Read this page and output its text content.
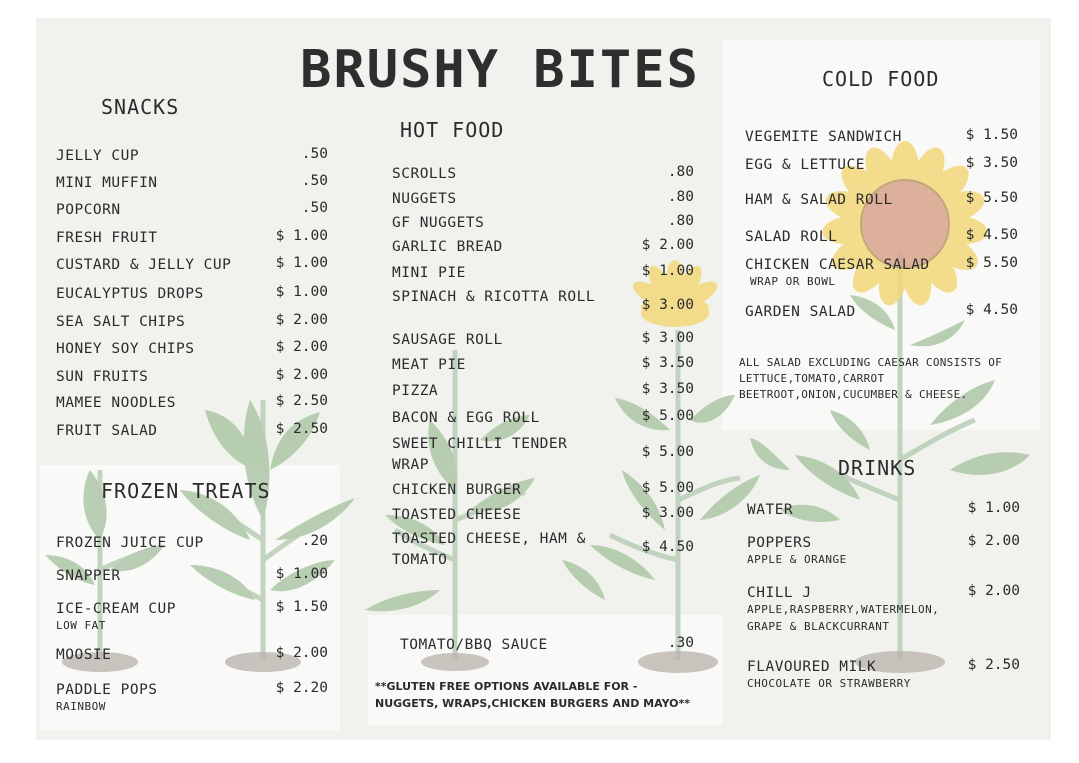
BRUSHY BITES
SNACKS
JELLY CUP	.50
MINI MUFFIN	.50
POPCORN	.50
FRESH FRUIT	$ 1.00
CUSTARD & JELLY CUP	$ 1.00
EUCALYPTUS DROPS	$ 1.00
SEA SALT CHIPS	$ 2.00
HONEY SOY CHIPS	$ 2.00
SUN FRUITS	$ 2.00
MAMEE NOODLES	$ 2.50
FRUIT SALAD	$ 2.50
FROZEN TREATS
FROZEN JUICE CUP	.20
SNAPPER	$ 1.00
ICE-CREAM CUP	$ 1.50
LOW FAT
MOOSIE	$ 2.00
PADDLE POPS	$ 2.20
RAINBOW
HOT FOOD
SCROLLS	.80
NUGGETS	.80
GF NUGGETS	.80
GARLIC BREAD	$ 2.00
MINI PIE	$ 1.00
SPINACH & RICOTTA ROLL	$ 3.00
SAUSAGE ROLL	$ 3.00
MEAT PIE	$ 3.50
PIZZA	$ 3.50
BACON & EGG ROLL	$ 5.00
SWEET CHILLI TENDER WRAP
$ 5.00
CHICKEN BURGER	$ 5.00
TOASTED CHEESE	$ 3.00
TOASTED CHEESE, HAM & TOMATO
$ 4.50
TOMATO/BBQ SAUCE	.30
**GLUTEN FREE OPTIONS AVAILABLE FOR -
NUGGETS, WRAPS,CHICKEN BURGERS AND MAYO**
COLD FOOD
VEGEMITE SANDWICH	$ 1.50
EGG & LETTUCE	$ 3.50
HAM & SALAD ROLL	$ 5.50
SALAD ROLL	$ 4.50
CHICKEN CAESAR SALAD	$ 5.50
WRAP OR BOWL
GARDEN SALAD	$ 4.50
ALL SALAD EXCLUDING CAESAR CONSISTS OF
LETTUCE,TOMATO,CARROT
BEETROOT,ONION,CUCUMBER & CHEESE.
DRINKS
WATER	$ 1.00
POPPERS	$ 2.00
APPLE & ORANGE
CHILL J	$ 2.00
APPLE,RASPBERRY,WATERMELON,
GRAPE & BLACKCURRANT
FLAVOURED MILK	$ 2.50
CHOCOLATE OR STRAWBERRY
